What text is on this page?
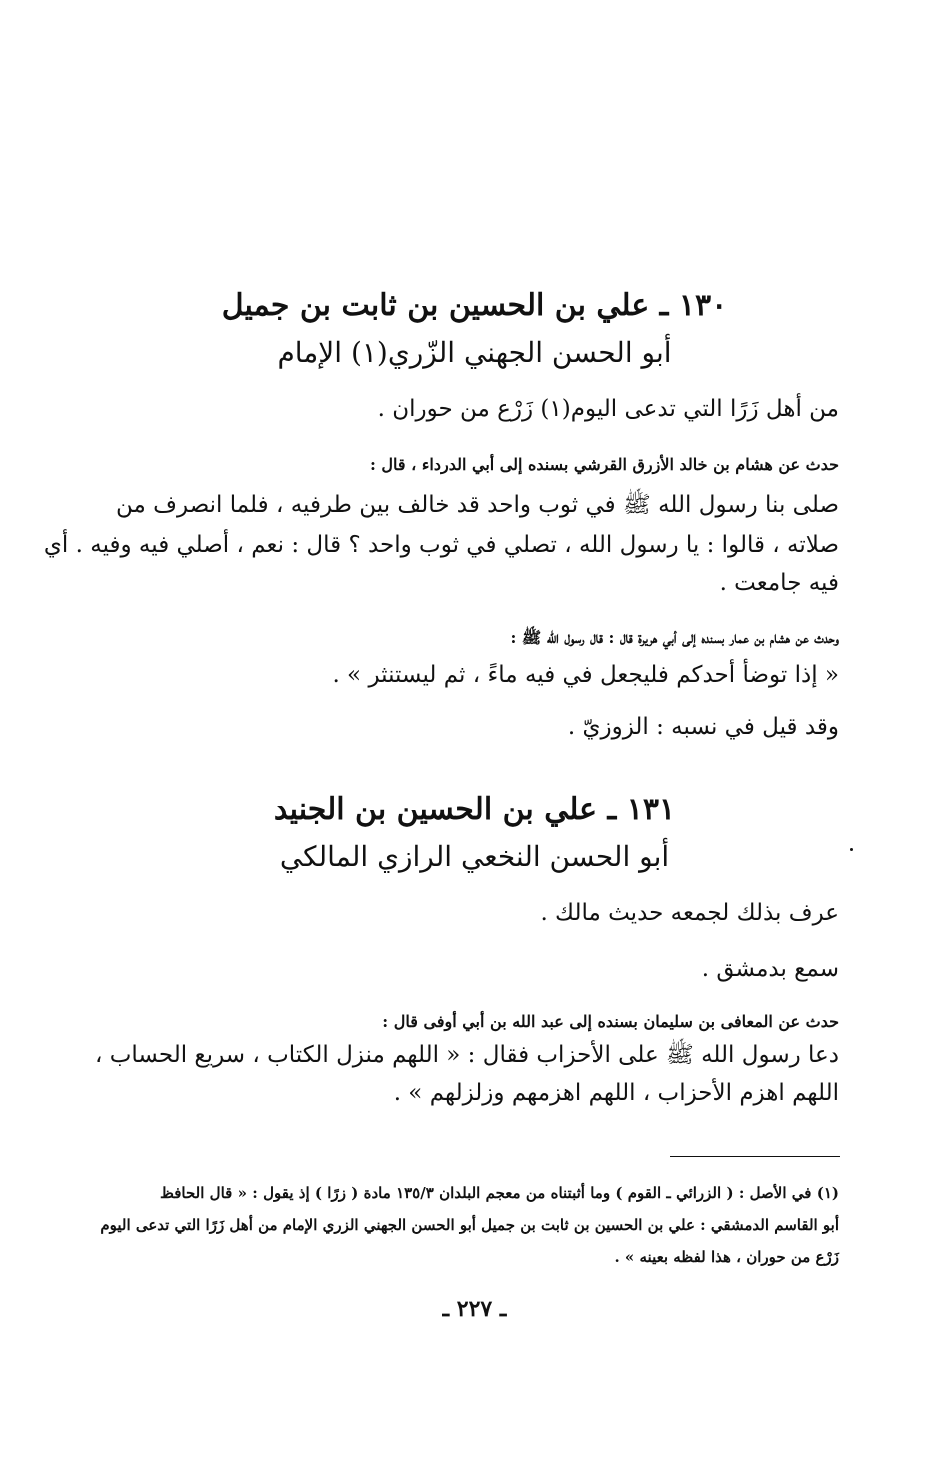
١٣٠ ـ علي بن الحسين بن ثابت بن جميل
أبو الحسن الجهني الزّري(١) الإمام
من أهل زَرًا التي تدعى اليوم(١) زَرْع من حوران .
حدث عن هشام بن خالد الأزرق القرشي بسنده إلى أبي الدرداء ، قال :
صلى بنا رسول الله ﷺ في ثوب واحد قد خالف بين طرفيه ، فلما انصرف من
صلاته ، قالوا : يا رسول الله ، تصلي في ثوب واحد ؟ قال : نعم ، أصلي فيه وفيه . أي
فيه جامعت .
وحدث عن هشام بن عمار بسنده إلى أبي هريرة قال : قال رسول الله ﷺ :
« إذا توضأ أحدكم فليجعل في فيه ماءً ، ثم ليستنثر » .
وقد قيل في نسبه : الزوزيّ .
١٣١ ـ علي بن الحسين بن الجنيد
أبو الحسن النخعي الرازي المالكي
عرف بذلك لجمعه حديث مالك .
سمع بدمشق .
حدث عن المعافى بن سليمان بسنده إلى عبد الله بن أبي أوفى قال :
دعا رسول الله ﷺ على الأحزاب فقال : « اللهم منزل الكتاب ، سريع الحساب ،
اللهم اهزم الأحزاب ، اللهم اهزمهم وزلزلهم » .
(١) في الأصل : ( الزرائي ـ القوم ) وما أثبتناه من معجم البلدان ١٣٥/٣ مادة ( زرًا ) إذ يقول : « قال الحافظ
أبو القاسم الدمشقي : علي بن الحسين بن ثابت بن جميل أبو الحسن الجهني الزري الإمام من أهل زَرًا التي تدعى اليوم
زَرْع من حوران ، هذا لفظه بعينه » .
ـ ٢٢٧ ـ
